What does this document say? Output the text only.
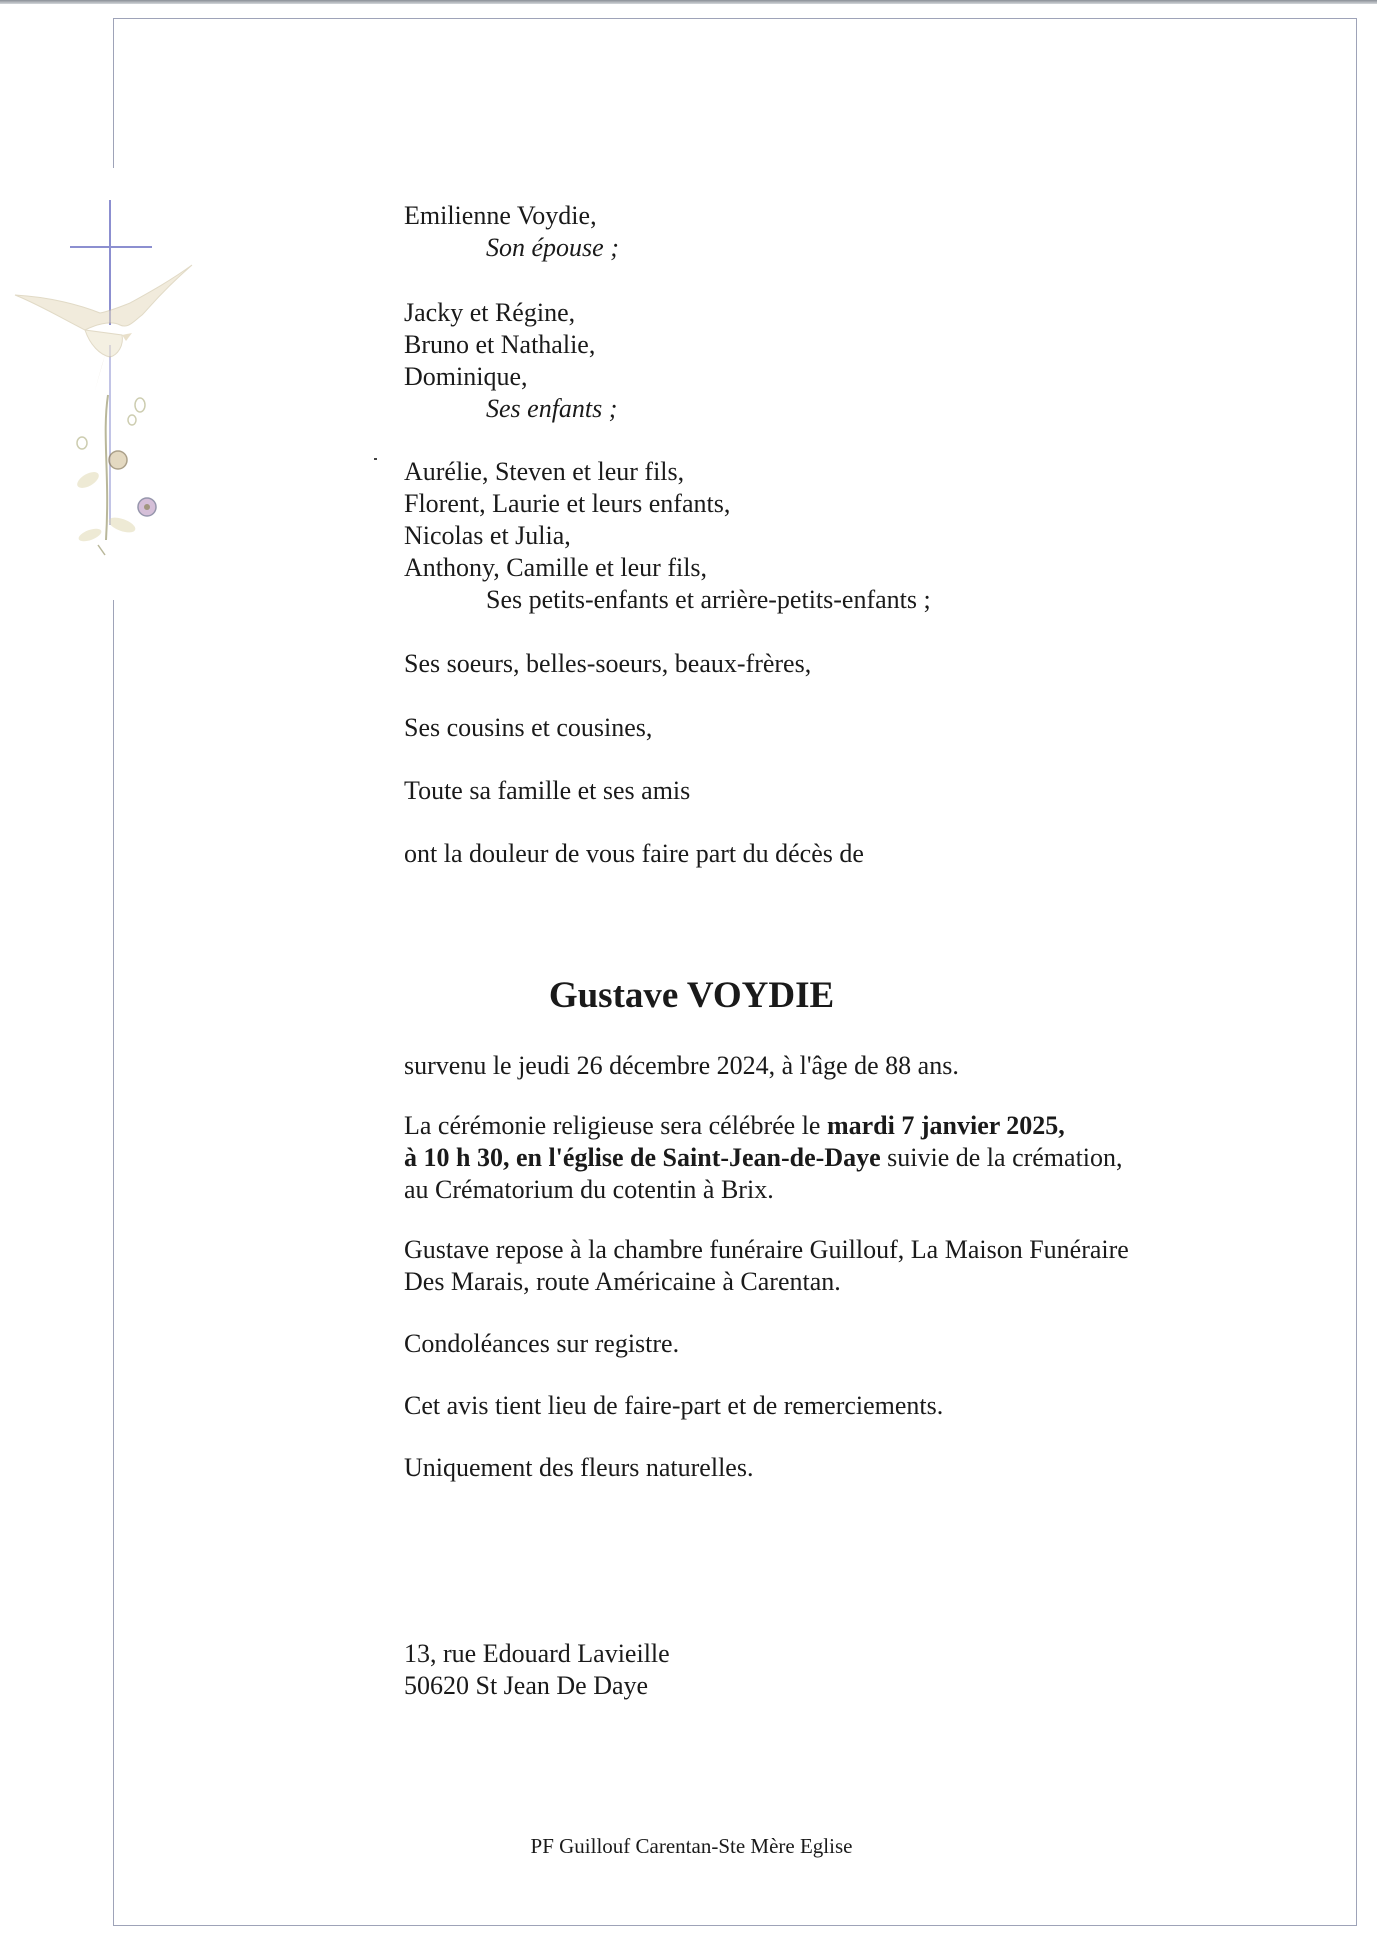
Emilienne Voydie,
Son épouse ;
Jacky et Régine,
Bruno et Nathalie,
Dominique,
Ses enfants ;
Aurélie, Steven et leur fils,
Florent, Laurie et leurs enfants,
Nicolas et Julia,
Anthony, Camille et leur fils,
Ses petits-enfants et arrière-petits-enfants ;
Ses soeurs, belles-soeurs, beaux-frères,
Ses cousins et cousines,
Toute sa famille et ses amis
ont la douleur de vous faire part du décès de
Gustave VOYDIE
survenu le jeudi 26 décembre 2024, à l'âge de 88 ans.
La cérémonie religieuse sera célébrée le mardi 7 janvier 2025,
à 10 h 30, en l'église de Saint-Jean-de-Daye suivie de la crémation,
au Crématorium du cotentin à Brix.
Gustave repose à la chambre funéraire Guillouf, La Maison Funéraire
Des Marais, route Américaine à Carentan.
Condoléances sur registre.
Cet avis tient lieu de faire-part et de remerciements.
Uniquement des fleurs naturelles.
13, rue Edouard Lavieille
50620 St Jean De Daye
PF Guillouf Carentan-Ste Mère Eglise
